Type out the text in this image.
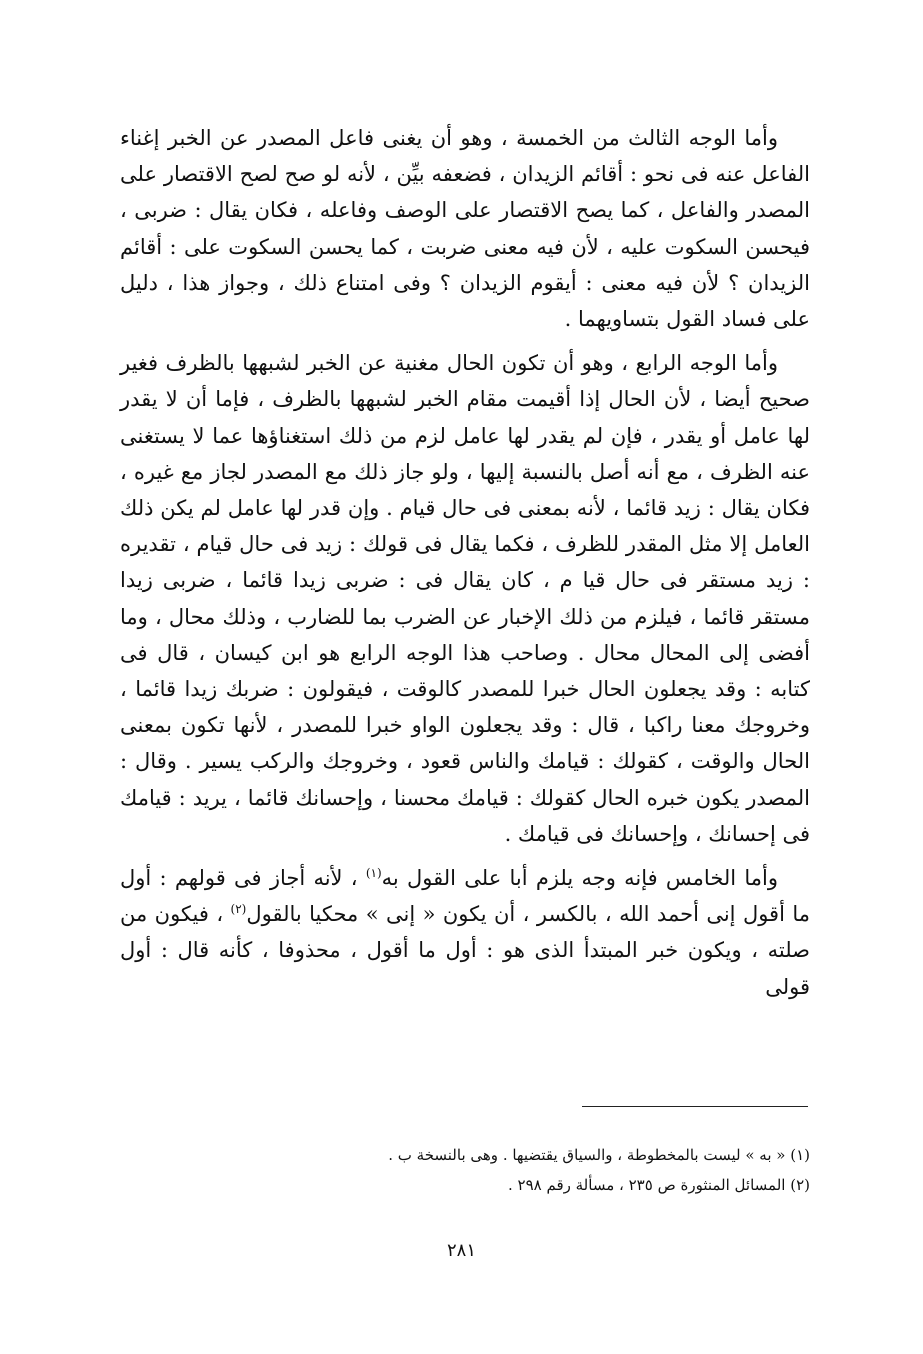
وأما الوجه الثالث من الخمسة ، وهو أن يغنى فاعل المصدر عن الخبر إغناء الفاعل عنه فى نحو : أقائم الزيدان ، فضعفه بيِّن ، لأنه لو صح لصح الاقتصار على المصدر والفاعل ، كما يصح الاقتصار على الوصف وفاعله ، فكان يقال : ضربى ، فيحسن السكوت عليه ، لأن فيه معنى ضربت ، كما يحسن السكوت على : أقائم الزيدان ؟ لأن فيه معنى : أيقوم الزيدان ؟ وفى امتناع ذلك ، وجواز هذا ، دليل على فساد القول بتساويهما .

وأما الوجه الرابع ، وهو أن تكون الحال مغنية عن الخبر لشبهها بالظرف فغير صحيح أيضا ، لأن الحال إذا أقيمت مقام الخبر لشبهها بالظرف ، فإما أن لا يقدر لها عامل أو يقدر ، فإن لم يقدر لها عامل لزم من ذلك استغناؤها عما لا يستغنى عنه الظرف ، مع أنه أصل بالنسبة إليها ، ولو جاز ذلك مع المصدر لجاز مع غيره ، فكان يقال : زيد قائما ، لأنه بمعنى فى حال قيام . وإن قدر لها عامل لم يكن ذلك العامل إلا مثل المقدر للظرف ، فكما يقال فى قولك : زيد فى حال قيام ، تقديره : زيد مستقر فى حال قيا م ، كان يقال فى : ضربى زيدا قائما ، ضربى زيدا مستقر قائما ، فيلزم من ذلك الإخبار عن الضرب بما للضارب ، وذلك محال ، وما أفضى إلى المحال محال . وصاحب هذا الوجه الرابع هو ابن كيسان ، قال فى كتابه : وقد يجعلون الحال خبرا للمصدر كالوقت ، فيقولون : ضربك زيدا قائما ، وخروجك معنا راكبا ، قال : وقد يجعلون الواو خبرا للمصدر ، لأنها تكون بمعنى الحال والوقت ، كقولك : قيامك والناس قعود ، وخروجك والركب يسير . وقال : المصدر يكون خبره الحال كقولك : قيامك محسنا ، وإحسانك قائما ، يريد : قيامك فى إحسانك ، وإحسانك فى قيامك .

وأما الخامس فإنه وجه يلزم أبا على القول به$^{(١)}$ ، لأنه أجاز فى قولهم : أول ما أقول إنى أحمد الله ، بالكسر ، أن يكون « إنى » محكيا بالقول$^{(٢)}$ ، فيكون من صلته ، ويكون خبر المبتدأ الذى هو : أول ما أقول ، محذوفا ، كأنه قال : أول قولى

(١) « به » ليست بالمخطوطة ، والسياق يقتضيها . وهى بالنسخة ب .

(٢) المسائل المنثورة ص ٢٣٥ ، مسألة رقم ٢٩٨ .

٢٨١
